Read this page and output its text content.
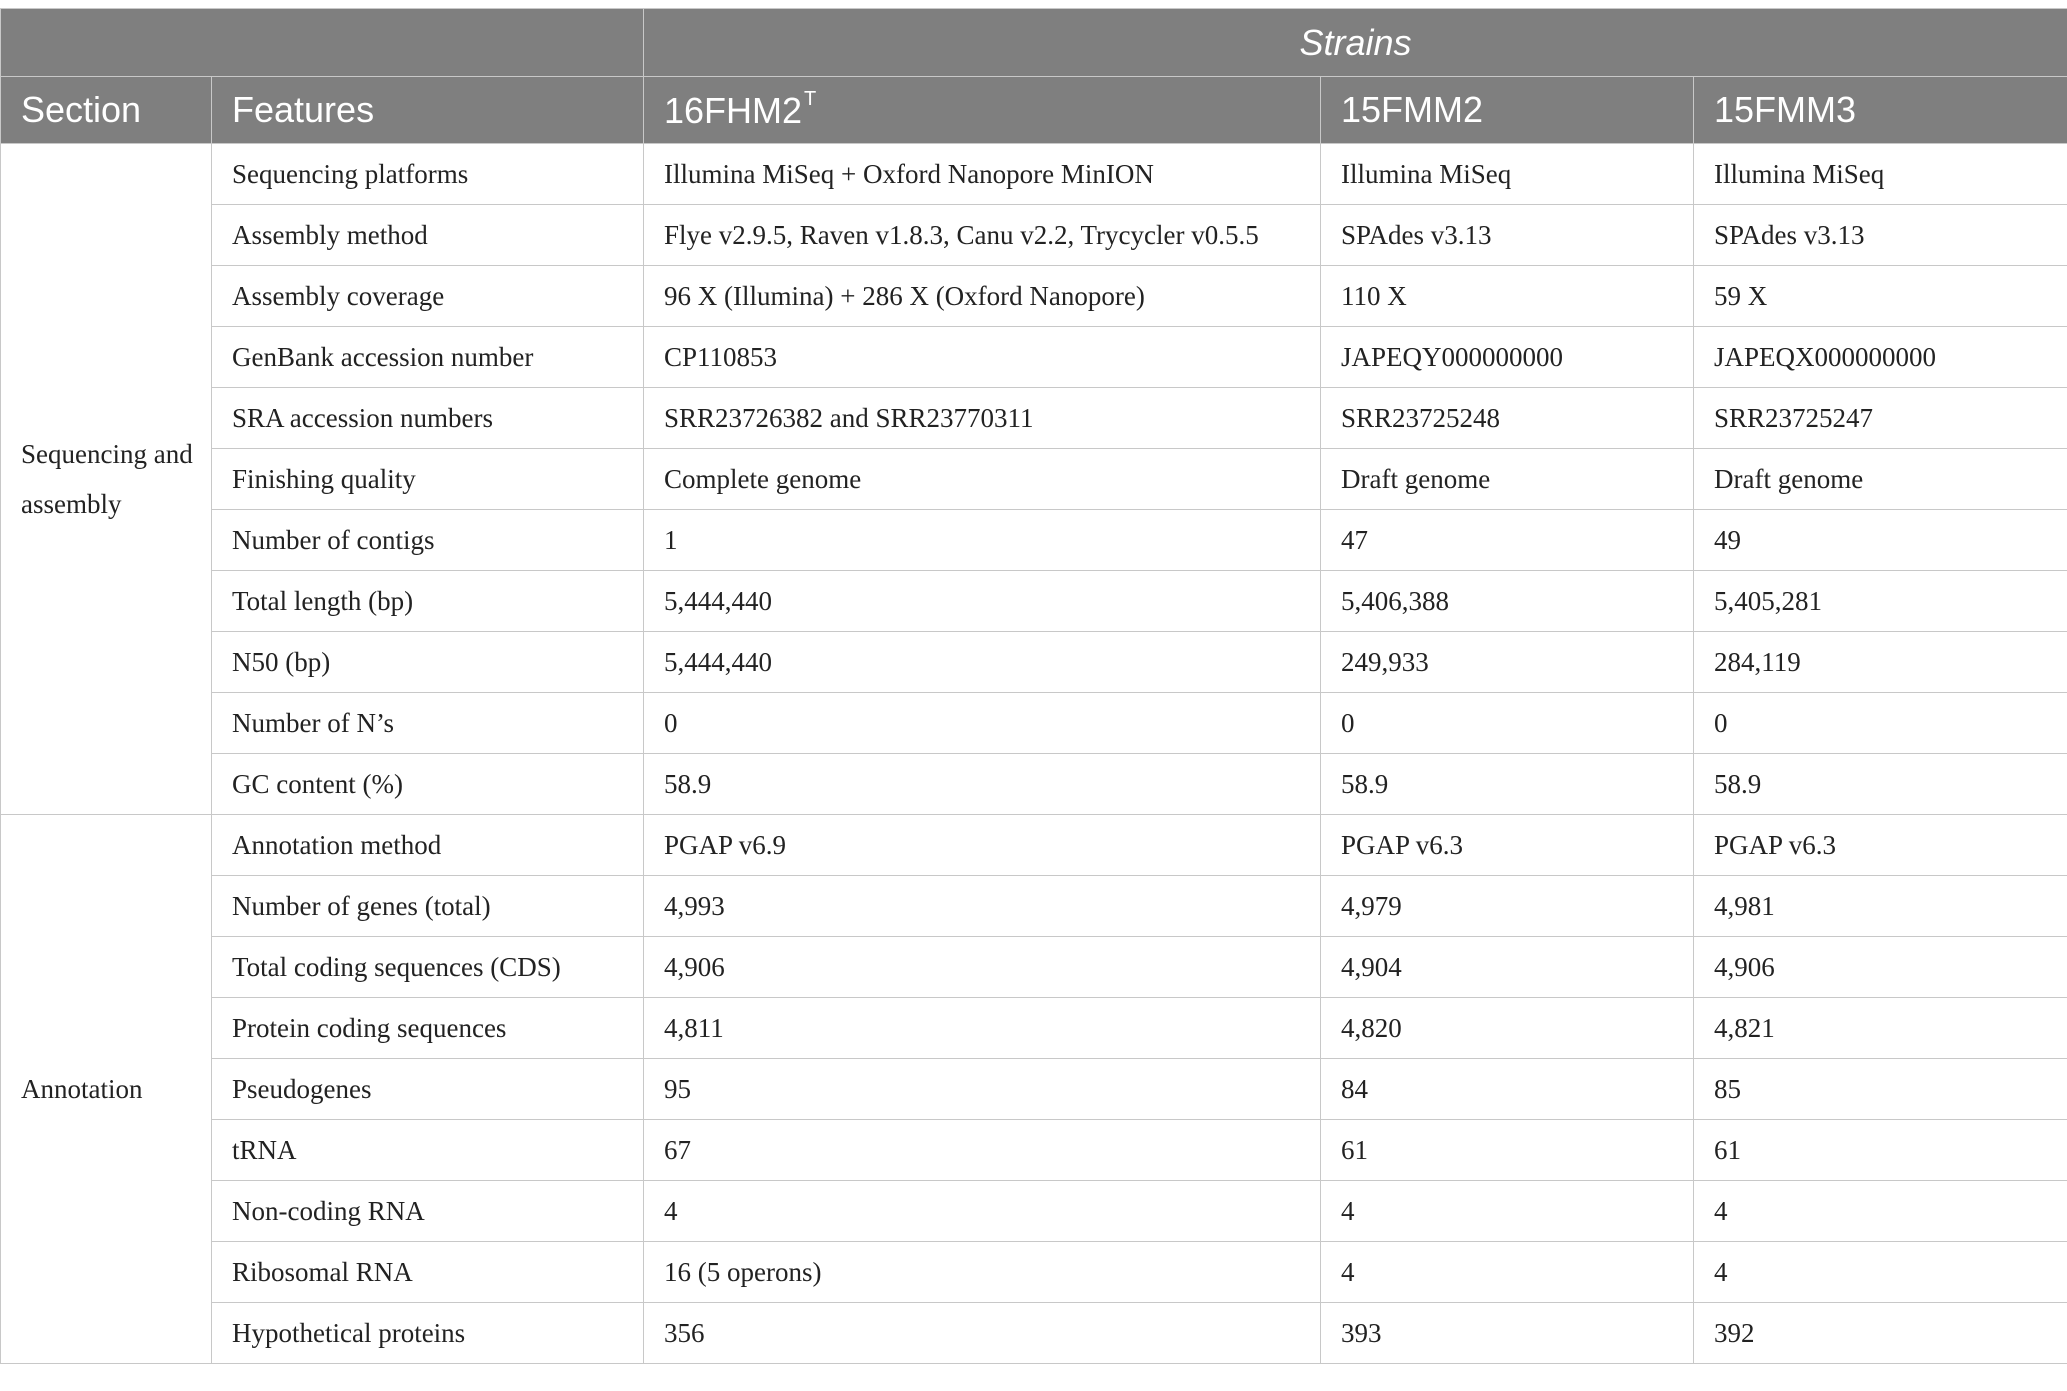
		Strains		
Section	Features	16FHM2 $^T$	15FMM2	15FMM3
Sequencing and assembly	Sequencing platforms	Illumina MiSeq + Oxford Nanopore MinION	Illumina MiSeq	Illumina MiSeq
	Assembly method	Flye v2.9.5, Raven v1.8.3, Canu v2.2, Trycycler v0.5.5	SPAdes v3.13	SPAdes v3.13
	Assembly coverage	96 X (Illumina) + 286 X (Oxford Nanopore)	110 X	59 X
	GenBank accession number	CP110853	JAPEQY000000000	JAPEQX000000000
	SRA accession numbers	SRR23726382 and SRR23770311	SRR23725248	SRR23725247
	Finishing quality	Complete genome	Draft genome	Draft genome
	Number of contigs	1	47	49
	Total length (bp)	5,444,440	5,406,388	5,405,281
	N50 (bp)	5,444,440	249,933	284,119
	Number of N’s	0	0	0
	GC content (%)	58.9	58.9	58.9
Annotation	Annotation method	PGAP v6.9	PGAP v6.3	PGAP v6.3
	Number of genes (total)	4,993	4,979	4,981
	Total coding sequences (CDS)	4,906	4,904	4,906
	Protein coding sequences	4,811	4,820	4,821
	Pseudogenes	95	84	85
	tRNA	67	61	61
	Non-coding RNA	4	4	4
	Ribosomal RNA	16 (5 operons)	4	4
	Hypothetical proteins	356	393	392
